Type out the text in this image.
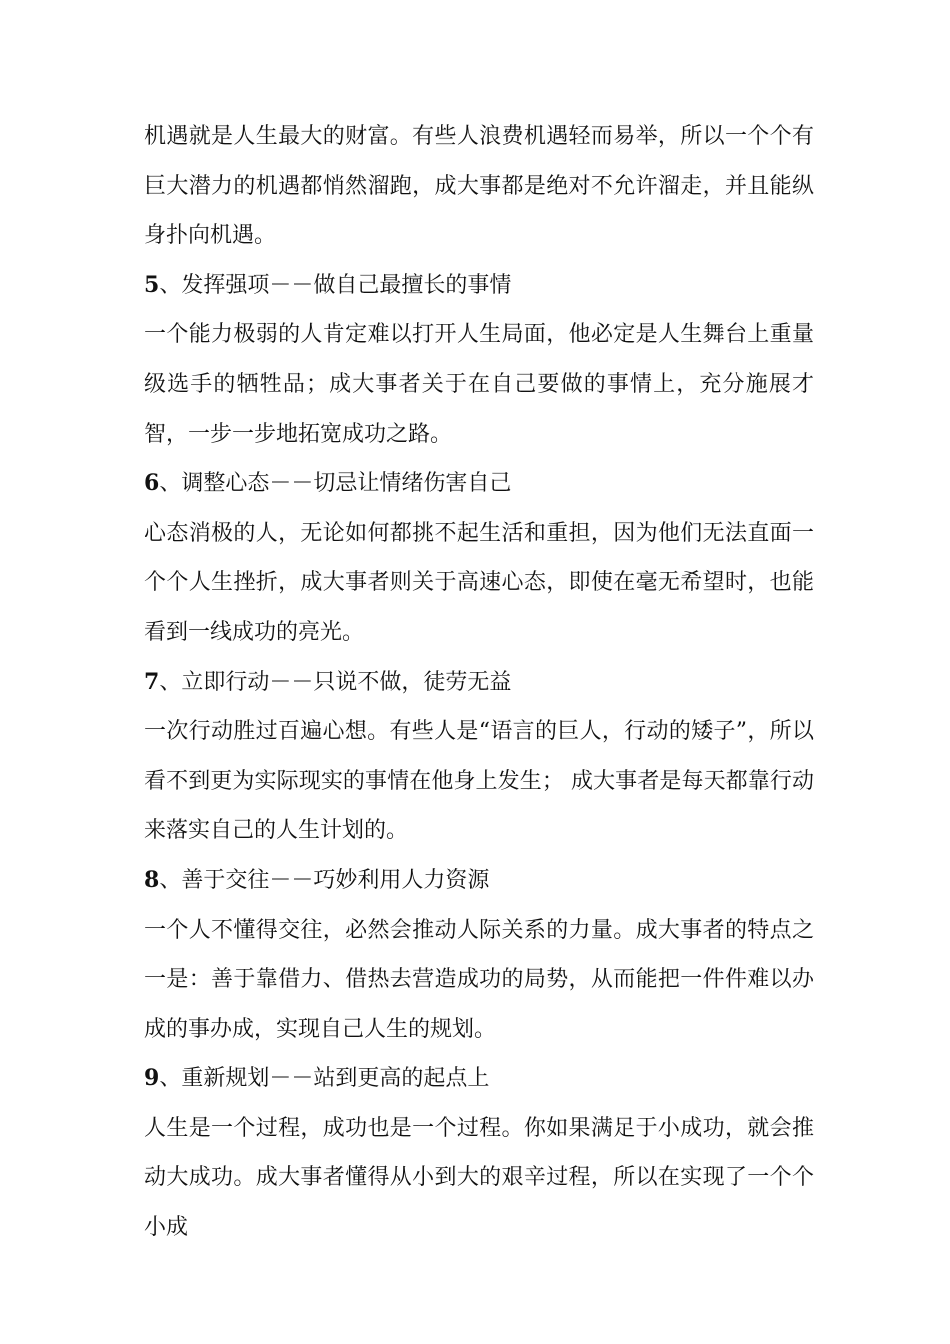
机遇就是人生最大的财富。有些人浪费机遇轻而易举，所以一个个有巨大潜力的机遇都悄然溜跑，成大事都是绝对不允许溜走，并且能纵身扑向机遇。

5、发挥强项－－做自己最擅长的事情

一个能力极弱的人肯定难以打开人生局面，他必定是人生舞台上重量级选手的牺牲品；成大事者关于在自己要做的事情上，充分施展才智，一步一步地拓宽成功之路。

6、调整心态－－切忌让情绪伤害自己

心态消极的人，无论如何都挑不起生活和重担，因为他们无法直面一个个人生挫折，成大事者则关于高速心态，即使在毫无希望时，也能看到一线成功的亮光。

7、立即行动－－只说不做，徒劳无益

一次行动胜过百遍心想。有些人是“语言的巨人，行动的矮子”，所以看不到更为实际现实的事情在他身上发生； 成大事者是每天都靠行动来落实自己的人生计划的。

8、善于交往－－巧妙利用人力资源

一个人不懂得交往，必然会推动人际关系的力量。成大事者的特点之一是：善于靠借力、借热去营造成功的局势，从而能把一件件难以办成的事办成，实现自己人生的规划。

9、重新规划－－站到更高的起点上

人生是一个过程，成功也是一个过程。你如果满足于小成功，就会推动大成功。成大事者懂得从小到大的艰辛过程，所以在实现了一个个小成
